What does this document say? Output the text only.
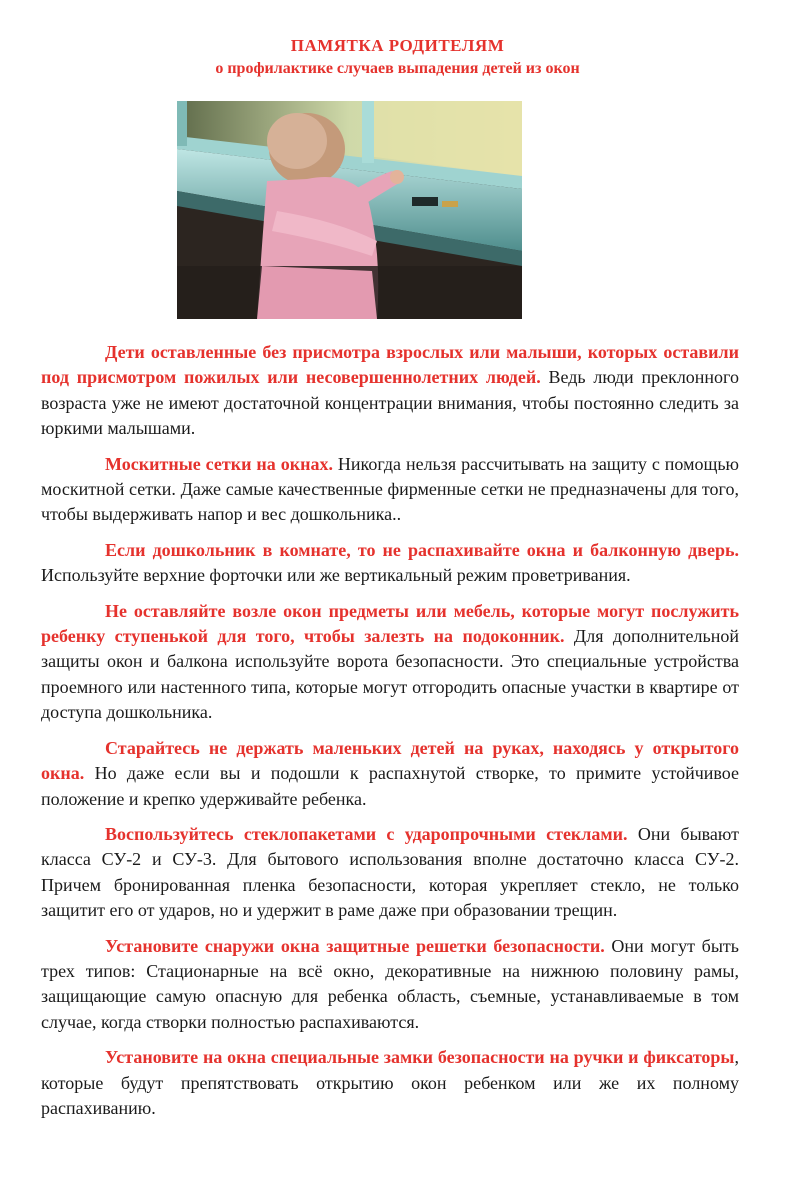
ПАМЯТКА РОДИТЕЛЯМ
о профилактике случаев выпадения детей из окон

Дети оставленные без присмотра взрослых или малыши, которых оставили под присмотром пожилых или несовершеннолетних людей. Ведь люди преклонного возраста уже не имеют достаточной концентрации внимания, чтобы постоянно следить за юркими малышами.

Москитные сетки на окнах. Никогда нельзя рассчитывать на защиту с помощью москитной сетки. Даже самые качественные фирменные сетки не предназначены для того, чтобы выдерживать напор и вес дошкольника..

Если дошкольник в комнате, то не распахивайте окна и балконную дверь. Используйте верхние форточки или же вертикальный режим проветривания.

Не оставляйте возле окон предметы или мебель, которые могут послужить ребенку ступенькой для того, чтобы залезть на подоконник. Для дополнительной защиты окон и балкона используйте ворота безопасности. Это специальные устройства проемного или настенного типа, которые могут отгородить опасные участки в квартире от доступа дошкольника.

Старайтесь не держать маленьких детей на руках, находясь у открытого окна. Но даже если вы и подошли к распахнутой створке, то примите устойчивое положение и крепко удерживайте ребенка.

Воспользуйтесь стеклопакетами с ударопрочными стеклами. Они бывают класса СУ-2 и СУ-3. Для бытового использования вполне достаточно класса СУ-2. Причем бронированная пленка безопасности, которая укрепляет стекло, не только защитит его от ударов, но и удержит в раме даже при образовании трещин.

Установите снаружи окна защитные решетки безопасности. Они могут быть трех типов: Стационарные на всё окно, декоративные на нижнюю половину рамы, защищающие самую опасную для ребенка область, съемные, устанавливаемые в том случае, когда створки полностью распахиваются.

Установите на окна специальные замки безопасности на ручки и фиксаторы, которые будут препятствовать открытию окон ребенком или же их полному распахиванию.
